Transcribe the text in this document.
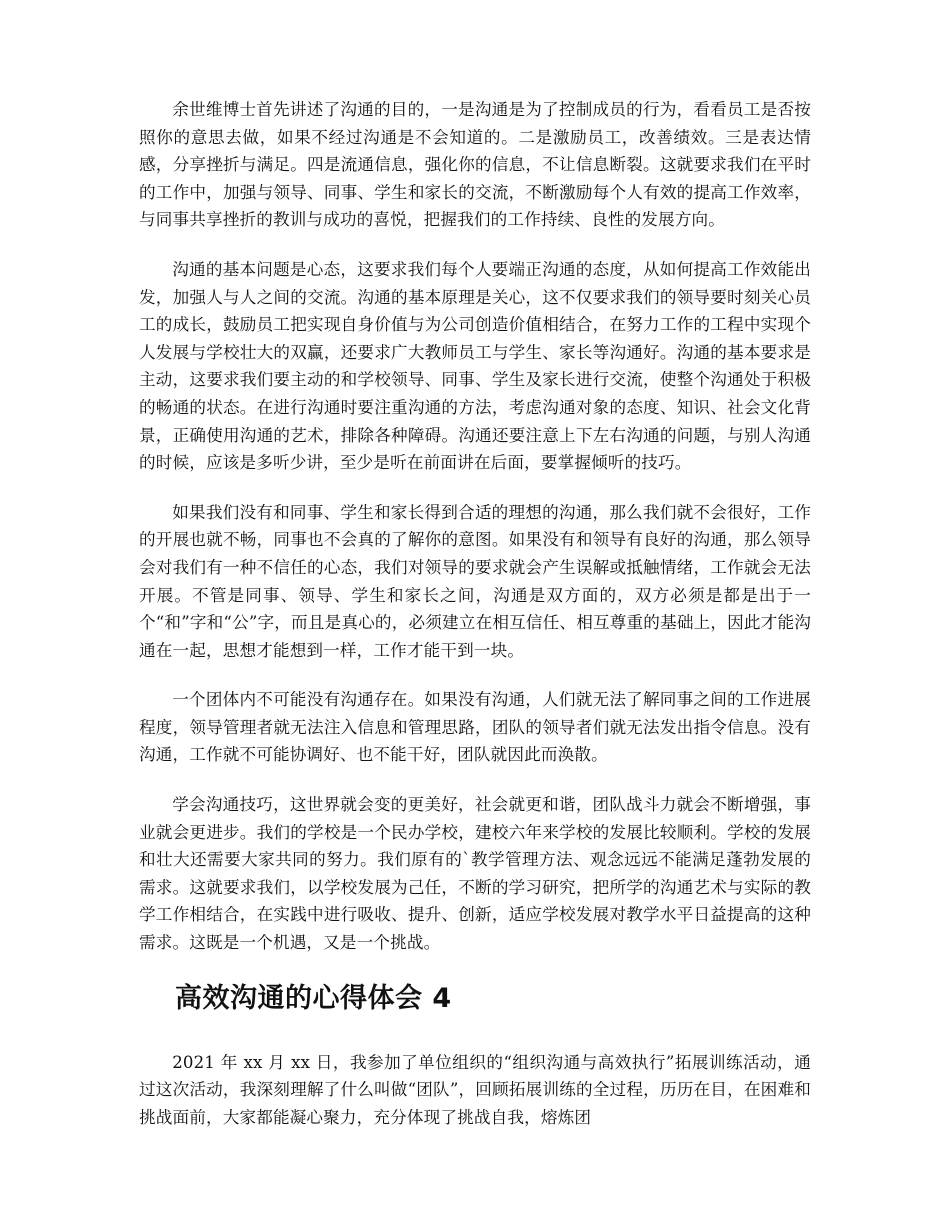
余世维博士首先讲述了沟通的目的，一是沟通是为了控制成员的行为，看看员工是否按照你的意思去做，如果不经过沟通是不会知道的。二是激励员工，改善绩效。三是表达情感，分享挫折与满足。四是流通信息，强化你的信息，不让信息断裂。这就要求我们在平时的工作中，加强与领导、同事、学生和家长的交流，不断激励每个人有效的提高工作效率，与同事共享挫折的教训与成功的喜悦，把握我们的工作持续、良性的发展方向。

沟通的基本问题是心态，这要求我们每个人要端正沟通的态度，从如何提高工作效能出发，加强人与人之间的交流。沟通的基本原理是关心，这不仅要求我们的领导要时刻关心员工的成长，鼓励员工把实现自身价值与为公司创造价值相结合，在努力工作的工程中实现个人发展与学校壮大的双赢，还要求广大教师员工与学生、家长等沟通好。沟通的基本要求是主动，这要求我们要主动的和学校领导、同事、学生及家长进行交流，使整个沟通处于积极的畅通的状态。在进行沟通时要注重沟通的方法，考虑沟通对象的态度、知识、社会文化背景，正确使用沟通的艺术，排除各种障碍。沟通还要注意上下左右沟通的问题，与别人沟通的时候，应该是多听少讲，至少是听在前面讲在后面，要掌握倾听的技巧。

如果我们没有和同事、学生和家长得到合适的理想的沟通，那么我们就不会很好，工作的开展也就不畅，同事也不会真的了解你的意图。如果没有和领导有良好的沟通，那么领导会对我们有一种不信任的心态，我们对领导的要求就会产生误解或抵触情绪，工作就会无法开展。不管是同事、领导、学生和家长之间，沟通是双方面的，双方必须是都是出于一个“和”字和“公”字，而且是真心的，必须建立在相互信任、相互尊重的基础上，因此才能沟通在一起，思想才能想到一样，工作才能干到一块。

一个团体内不可能没有沟通存在。如果没有沟通，人们就无法了解同事之间的工作进展程度，领导管理者就无法注入信息和管理思路，团队的领导者们就无法发出指令信息。没有沟通，工作就不可能协调好、也不能干好，团队就因此而涣散。

学会沟通技巧，这世界就会变的更美好，社会就更和谐，团队战斗力就会不断增强，事业就会更进步。我们的学校是一个民办学校，建校六年来学校的发展比较顺利。学校的发展和壮大还需要大家共同的努力。我们原有的`教学管理方法、观念远远不能满足蓬勃发展的需求。这就要求我们，以学校发展为己任，不断的学习研究，把所学的沟通艺术与实际的教学工作相结合，在实践中进行吸收、提升、创新，适应学校发展对教学水平日益提高的这种需求。这既是一个机遇，又是一个挑战。

高效沟通的心得体会 4

2021 年 xx 月 xx 日，我参加了单位组织的“组织沟通与高效执行”拓展训练活动，通过这次活动，我深刻理解了什么叫做“团队”，回顾拓展训练的全过程，历历在目，在困难和挑战面前，大家都能凝心聚力，充分体现了挑战自我，熔炼团
